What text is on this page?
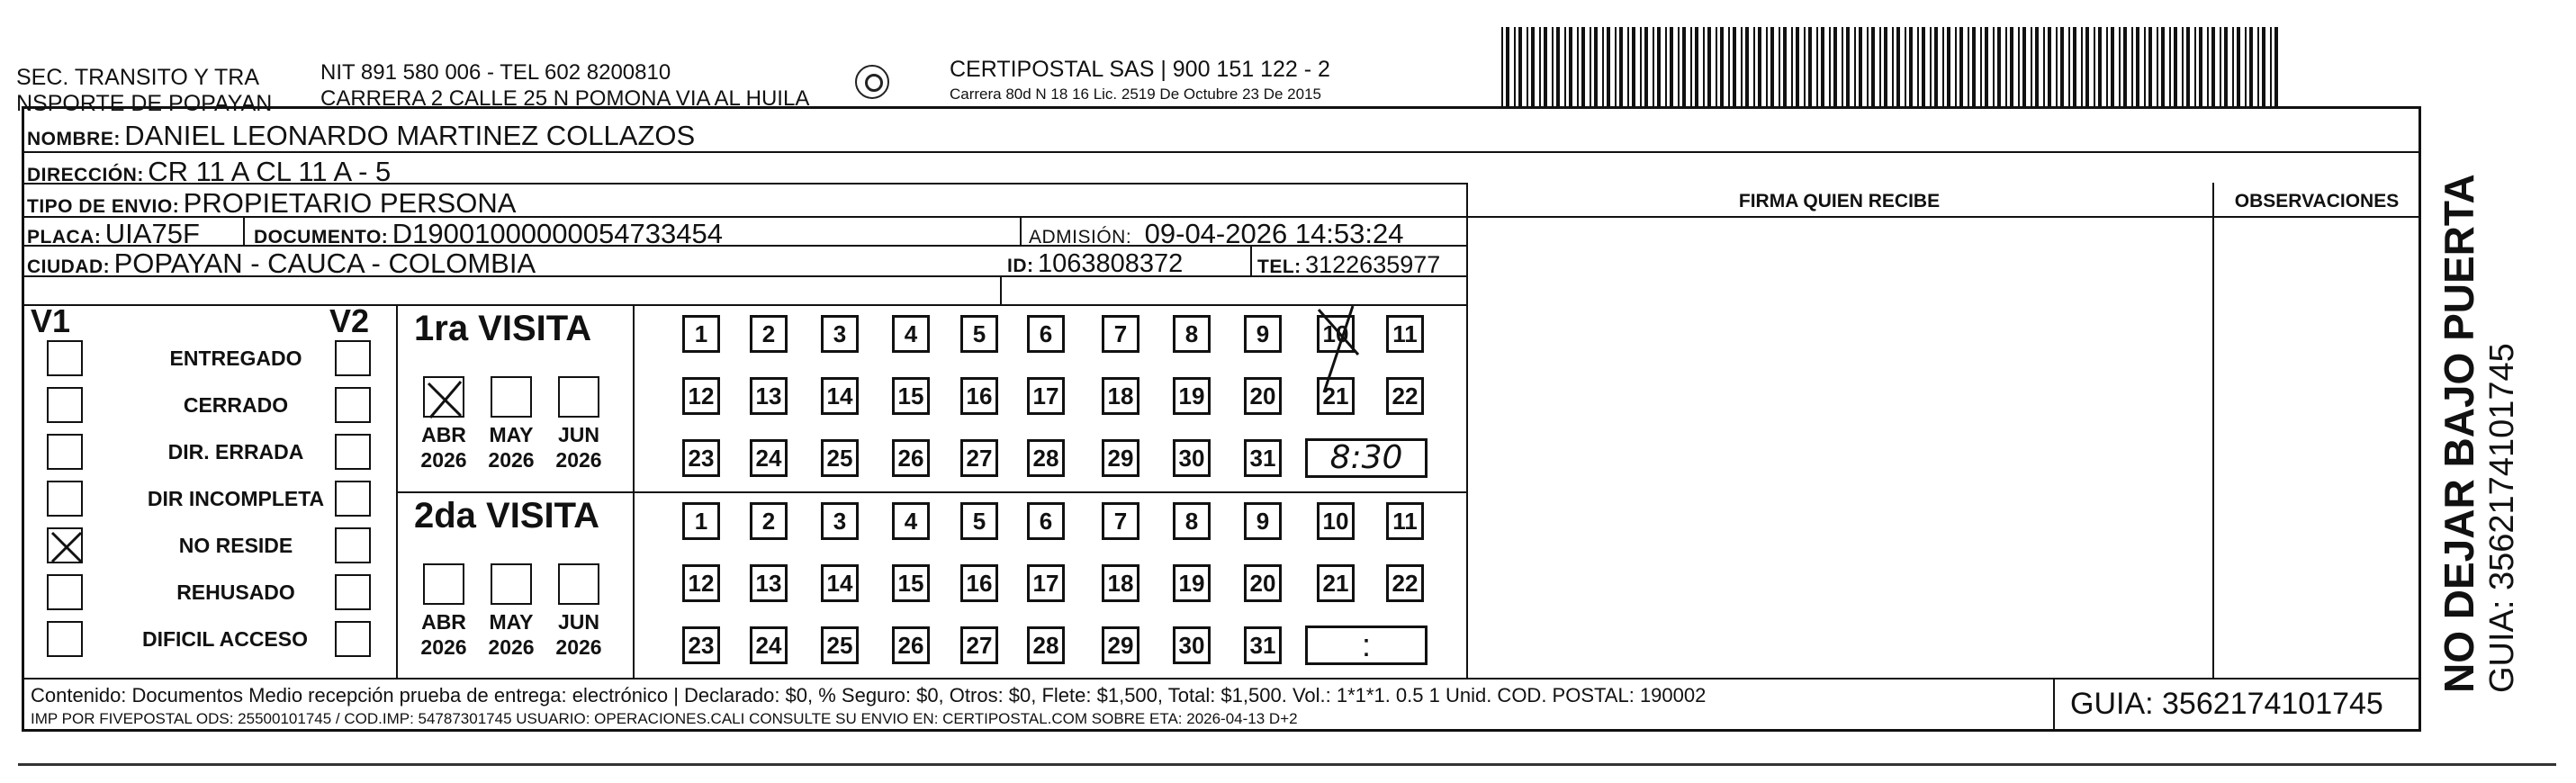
SEC. TRANSITO Y TRA
NSPORTE DE POPAYAN
NIT 891 580 006 - TEL 602 8200810
CARRERA 2 CALLE 25 N POMONA VIA AL HUILA
CERTIPOSTAL SAS | 900 151 122 - 2
Carrera 80d N 18 16 Lic. 2519 De Octubre 23 De 2015
NOMBRE: DANIEL LEONARDO MARTINEZ COLLAZOS
DIRECCIÓN: CR 11 A CL 11 A - 5
TIPO DE ENVIO: PROPIETARIO PERSONA
PLACA: UIA75F	DOCUMENTO: D19001000000054733454	ADMISIÓN: 09-04-2026 14:53:24
CIUDAD: POPAYAN - CAUCA - COLOMBIA	ID: 1063808372	TEL: 3122635977
FIRMA QUIEN RECIBE	OBSERVACIONES
V1	V2
ENTREGADO
CERRADO
DIR. ERRADA
DIR INCOMPLETA
NO RESIDE
REHUSADO
DIFICIL ACCESO
1ra VISITA
ABR
2026
MAY
2026
JUN
2026
1	2	3	4	5	6	7	8	9	10 11
12 13 14 15 16 17 18 19 20 21 22
23 24 25 26 27 28 29 30 31	8:30
2da VISITA
ABR
2026
MAY
2026
JUN
2026
1	2	3	4	5	6	7	8	9	10 11
12 13 14 15 16 17 18 19 20 21 22
23 24 25 26 27 28 29 30 31	:
Contenido: Documentos Medio recepción prueba de entrega: electrónico | Declarado: $0, % Seguro: $0, Otros: $0, Flete: $1,500, Total: $1,500. Vol.: 1*1*1. 0.5 1 Unid. COD. POSTAL: 190002
IMP POR FIVEPOSTAL ODS: 25500101745 / COD.IMP: 54787301745 USUARIO: OPERACIONES.CALI CONSULTE SU ENVIO EN: CERTIPOSTAL.COM SOBRE ETA: 2026-04-13 D+2	GUIA: 3562174101745
NO DEJAR BAJO PUERTA GUIA: 3562174101745
